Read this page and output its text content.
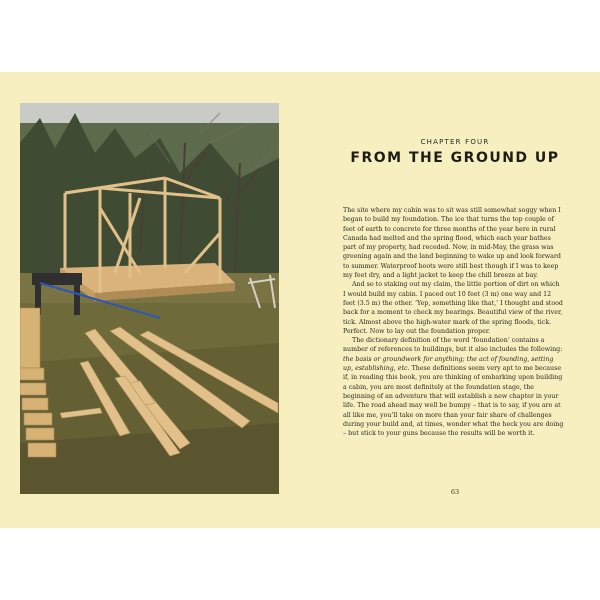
CHAPTER FOUR
FROM THE GROUND UP

The site where my cabin was to sit was still somewhat soggy when I began to build my foundation. The ice that turns the top couple of feet of earth to concrete for three months of the year here in rural Canada had melted and the spring flood, which each year bathes part of my property, had receded. Now, in mid-May, the grass was greening again and the land beginning to wake up and look forward to summer. Waterproof boots were still best though if I was to keep my feet dry, and a light jacket to keep the chill breeze at bay.

And so to staking out my claim, the little portion of dirt on which I would build my cabin. I paced out 10 feet (3 m) one way and 12 feet (3.5 m) the other. ‘Yep, something like that,’ I thought and stood back for a moment to check my bearings. Beautiful view of the river, tick. Almost above the high-water mark of the spring floods, tick. Perfect. Now to lay out the foundation proper.

The dictionary definition of the word ‘foundation’ contains a number of references to buildings, but it also includes the following: the basis or groundwork for anything; the act of founding, setting up, establishing, etc. These definitions seem very apt to me because if, in reading this book, you are thinking of embarking upon building a cabin, you are most definitely at the foundation stage, the beginning of an adventure that will establish a new chapter in your life. The road ahead may well be bumpy – that is to say, if you are at all like me, you’ll take on more than your fair share of challenges during your build and, at times, wonder what the heck you are doing – but stick to your guns because the results will be worth it.

63
